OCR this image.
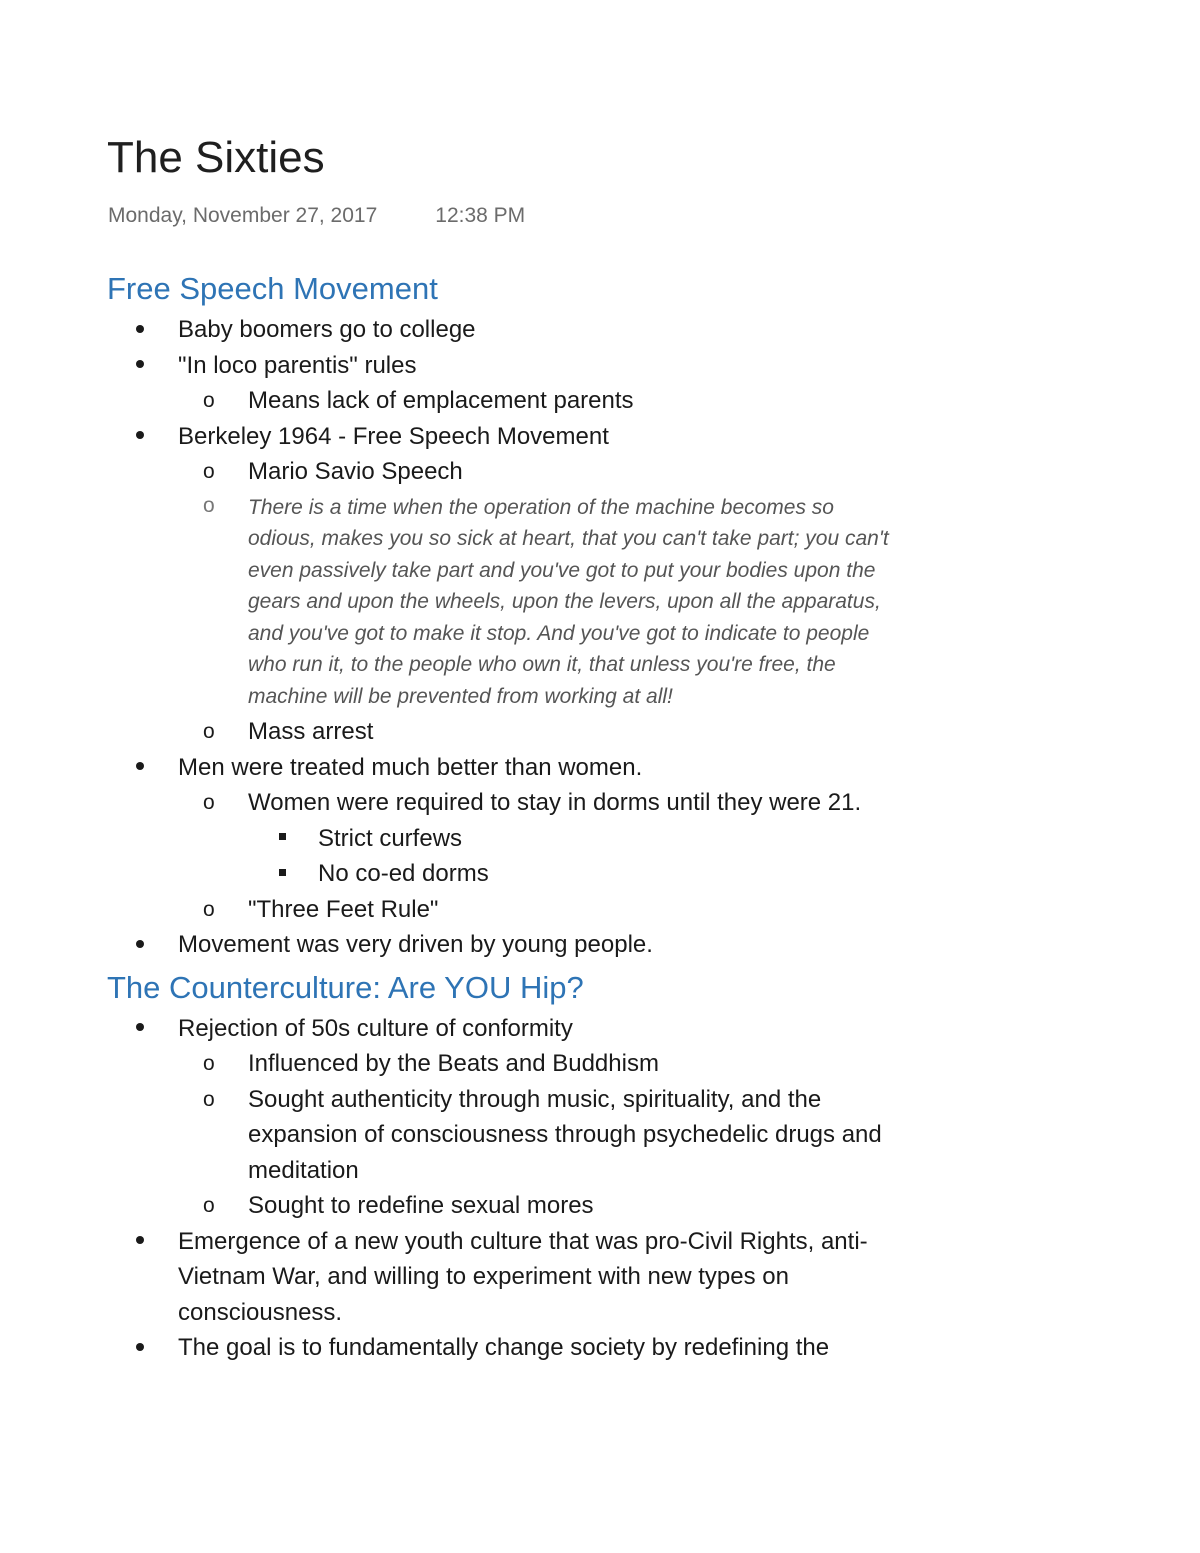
The Sixties
Monday, November 27, 2017	12:38 PM
Free Speech Movement
Baby boomers go to college
"In loco parentis" rules
o Means lack of emplacement parents
Berkeley 1964 - Free Speech Movement
o Mario Savio Speech
o There is a time when the operation of the machine becomes so odious, makes you so sick at heart, that you can't take part; you can't even passively take part and you've got to put your bodies upon the gears and upon the wheels, upon the levers, upon all the apparatus, and you've got to make it stop. And you've got to indicate to people who run it, to the people who own it, that unless you're free, the machine will be prevented from working at all!
o Mass arrest
Men were treated much better than women.
o Women were required to stay in dorms until they were 21.
Strict curfews
No co-ed dorms
o "Three Feet Rule"
Movement was very driven by young people.
The Counterculture: Are YOU Hip?
Rejection of 50s culture of conformity
o Influenced by the Beats and Buddhism
o Sought authenticity through music, spirituality, and the expansion of consciousness through psychedelic drugs and meditation
o Sought to redefine sexual mores
Emergence of a new youth culture that was pro-Civil Rights, anti-Vietnam War, and willing to experiment with new types on consciousness.
The goal is to fundamentally change society by redefining the
